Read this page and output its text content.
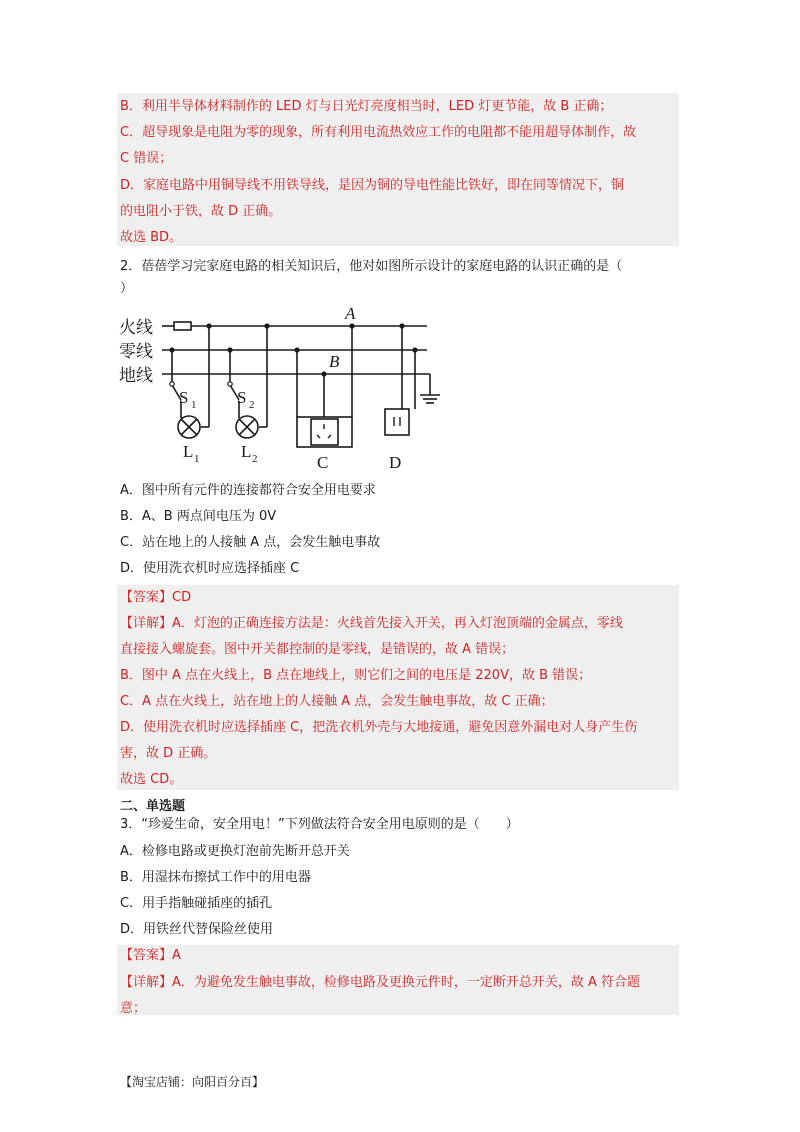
B．利用半导体材料制作的 LED 灯与日光灯亮度相当时，LED 灯更节能，故 B 正确；
C．超导现象是电阻为零的现象，所有利用电流热效应工作的电阻都不能用超导体制作，故
C 错误；
D．家庭电路中用铜导线不用铁导线，是因为铜的导电性能比铁好，即在同等情况下，铜
的电阻小于铁，故 D 正确。
故选 BD。
2．蓓蓓学习完家庭电路的相关知识后，他对如图所示设计的家庭电路的认识正确的是（
）
火线
零线
地线
A
B
S 1 S 2
L 1 L 2	C	D
A．图中所有元件的连接都符合安全用电要求
B．A、B 两点间电压为 0V
C．站在地上的人接触 A 点，会发生触电事故
D．使用洗衣机时应选择插座 C
【答案】CD
【详解】A．灯泡的正确连接方法是：火线首先接入开关，再入灯泡顶端的金属点，零线
直接接入螺旋套。图中开关都控制的是零线，是错误的，故 A 错误；
B．图中 A 点在火线上，B 点在地线上，则它们之间的电压是 220V，故 B 错误；
C．A 点在火线上，站在地上的人接触 A 点，会发生触电事故，故 C 正确；
D．使用洗衣机时应选择插座 C，把洗衣机外壳与大地接通，避免因意外漏电对人身产生伤
害，故 D 正确。
故选 CD。
二、单选题
3．“珍爱生命，安全用电！”下列做法符合安全用电原则的是（　　）
A．检修电路或更换灯泡前先断开总开关
B．用湿抹布擦拭工作中的用电器
C．用手指触碰插座的插孔
D．用铁丝代替保险丝使用
【答案】A
【详解】A．为避免发生触电事故，检修电路及更换元件时，一定断开总开关，故 A 符合题
意；
【淘宝店铺：向阳百分百】
